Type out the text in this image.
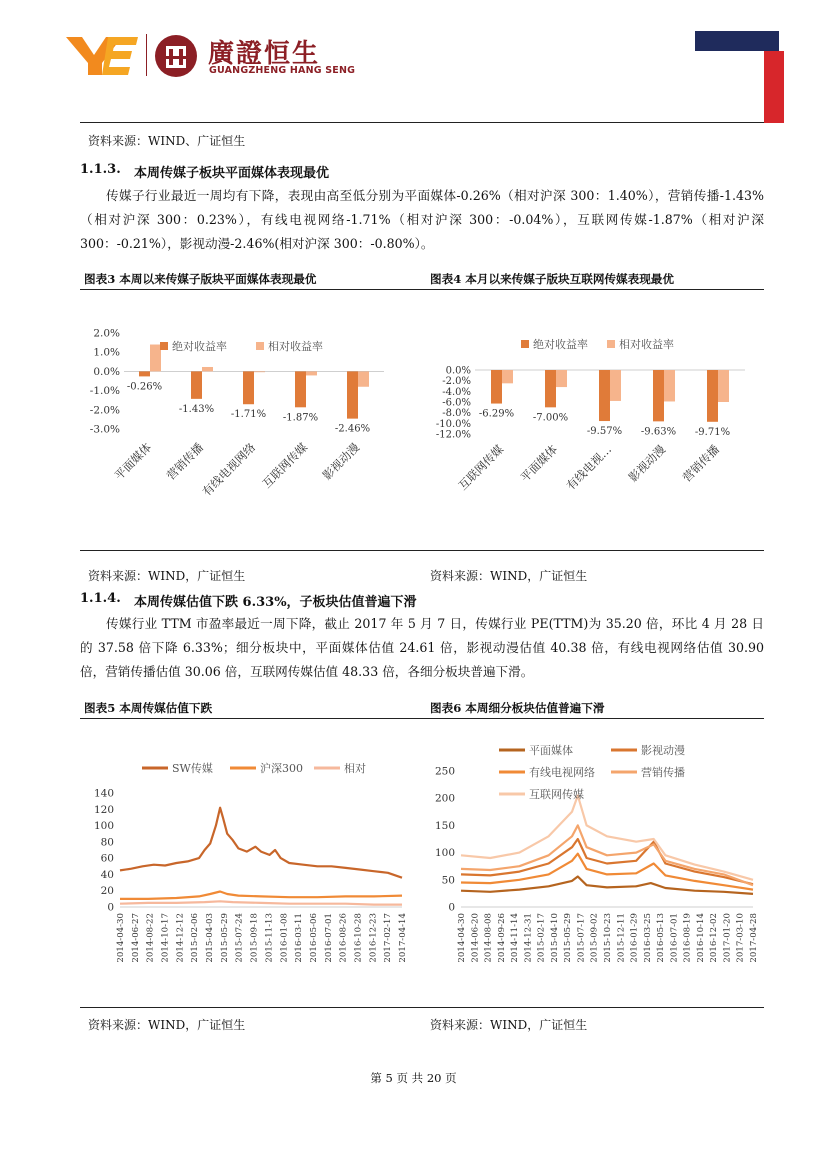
廣證恒生
GUANGZHENG HANG SENG
资料来源：WIND、广证恒生
1.1.3. 本周传媒子板块平面媒体表现最优
传媒子行业最近一周均有下降，表现由高至低分别为平面媒体-0.26%（相对沪深 300：1.40%），营销传播-1.43%（相对沪深 300：0.23%），有线电视网络-1.71%（相对沪深 300：-0.04%），互联网传媒-1.87%（相对沪深 300：-0.21%），影视动漫-2.46%(相对沪深 300：-0.80%）。
图表3 本周以来传媒子版块平面媒体表现最优	图表4 本月以来传媒子版块互联网传媒表现最优
2.0%
1.0%
0.0%
-1.0%
-2.0%
-3.0%
-0.26%
平面媒体
-1.43%
营销传播
-1.71%
有线电视网络
-1.87%
互联网传媒
-2.46%
影视动漫
绝对收益率	相对收益率
0.0%
-2.0%
-4.0%
-6.0%
-8.0%
-10.0%
-12.0%
-6.29%
互联网传媒
-7.00%
平面媒体
-9.57%
有线电视…
-9.63%
影视动漫
-9.71%
营销传播
绝对收益率	相对收益率
资料来源：WIND，广证恒生	资料来源：WIND，广证恒生
1.1.4. 本周传媒估值下跌 6.33%，子板块估值普遍下滑
传媒行业 TTM 市盈率最近一周下降，截止 2017 年 5 月 7 日，传媒行业 PE(TTM)为 35.20 倍，环比 4 月 28 日的 37.58 倍下降 6.33%；细分板块中，平面媒体估值 24.61 倍，影视动漫估值 40.38 倍，有线电视网络估值 30.90 倍，营销传播估值 30.06 倍，互联网传媒估值 48.33 倍，各细分板块普遍下滑。
图表5 本周传媒估值下跌	图表6 本周细分板块估值普遍下滑
140
120
100
80
60
40
20
0
2014-04-30 2014-06-27 2014-08-22 2014-10-17 2014-12-12 2015-02-06 2015-04-03 2015-05-29 2015-07-24 2015-09-18 2015-11-13 2016-01-08 2016-03-11 2016-05-06 2016-07-01 2016-08-26 2016-10-28 2016-12-23 2017-02-17 2017-04-14
SW传媒	沪深300	相对	250
200
150
100
50
0
2014-04-30 2014-06-20 2014-08-08 2014-09-26 2014-11-14 2014-12-31 2015-02-17 2015-04-10 2015-05-29 2015-07-17 2015-09-02 2015-10-23 2015-12-11 2016-01-29 2016-03-25 2016-05-13 2016-07-01 2016-08-19 2016-10-14 2016-12-02 2017-01-20 2017-03-10 2017-04-28
平面媒体	影视动漫
有线电视网络	营销传播
互联网传媒
资料来源：WIND，广证恒生	资料来源：WIND，广证恒生
第 5 页 共 20 页
